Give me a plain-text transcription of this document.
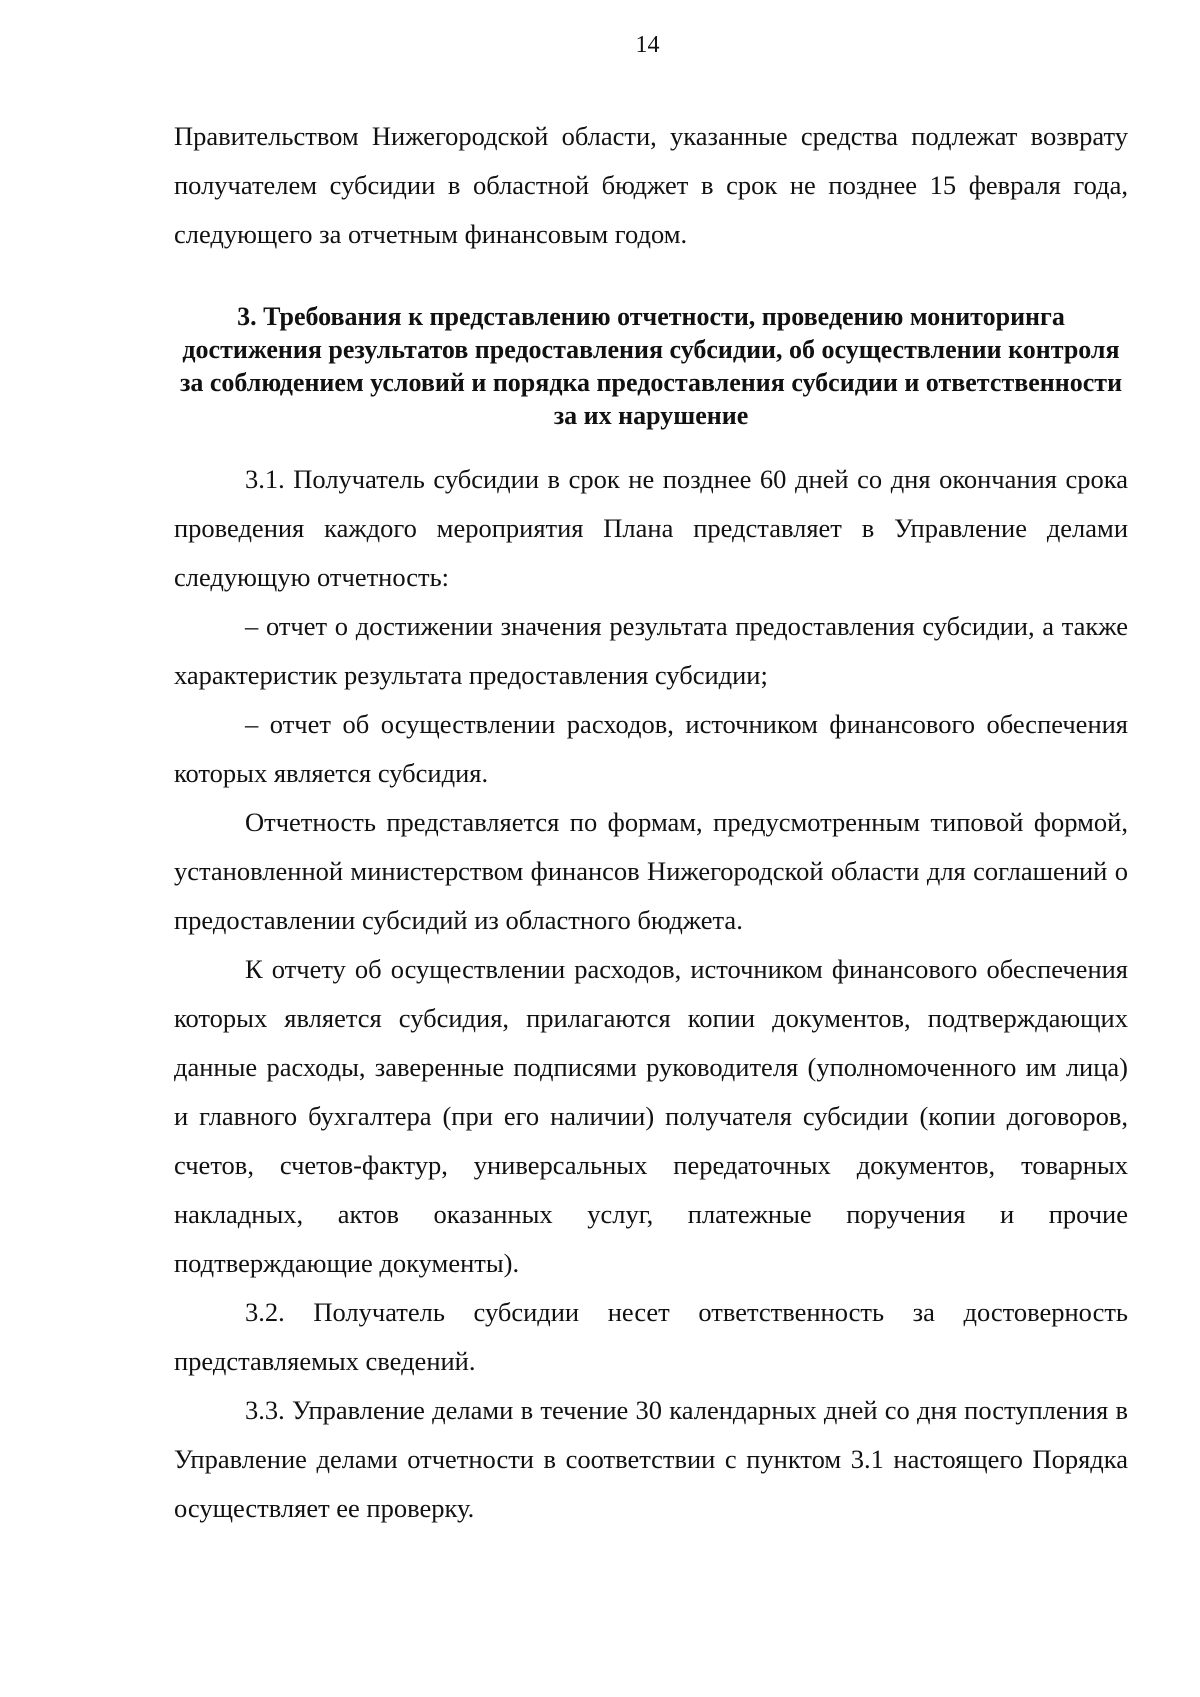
14

Правительством Нижегородской области, указанные средства подлежат возврату получателем субсидии в областной бюджет в срок не позднее 15 февраля года, следующего за отчетным финансовым годом.

3. Требования к представлению отчетности, проведению мониторинга достижения результатов предоставления субсидии, об осуществлении контроля за соблюдением условий и порядка предоставления субсидии и ответственности за их нарушение

3.1. Получатель субсидии в срок не позднее 60 дней со дня окончания срока проведения каждого мероприятия Плана представляет в Управление делами следующую отчетность:

– отчет о достижении значения результата предоставления субсидии, а также характеристик результата предоставления субсидии;

– отчет об осуществлении расходов, источником финансового обеспечения которых является субсидия.

Отчетность представляется по формам, предусмотренным типовой формой, установленной министерством финансов Нижегородской области для соглашений о предоставлении субсидий из областного бюджета.

К отчету об осуществлении расходов, источником финансового обеспечения которых является субсидия, прилагаются копии документов, подтверждающих данные расходы, заверенные подписями руководителя (уполномоченного им лица) и главного бухгалтера (при его наличии) получателя субсидии (копии договоров, счетов, счетов-фактур, универсальных передаточных документов, товарных накладных, актов оказанных услуг, платежные поручения и прочие подтверждающие документы).

3.2. Получатель субсидии несет ответственность за достоверность представляемых сведений.

3.3. Управление делами в течение 30 календарных дней со дня поступления в Управление делами отчетности в соответствии с пунктом 3.1 настоящего Порядка осуществляет ее проверку.
